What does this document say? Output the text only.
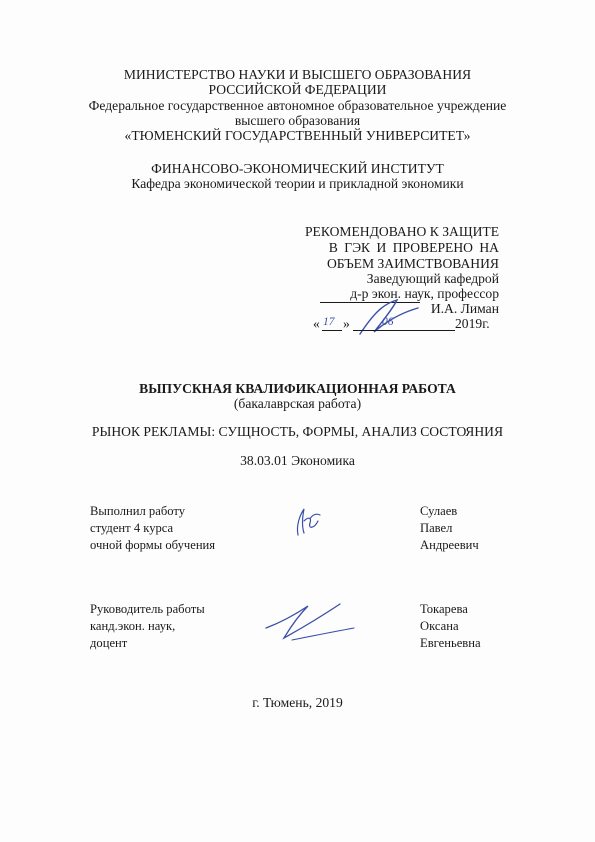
МИНИСТЕРСТВО НАУКИ И ВЫСШЕГО ОБРАЗОВАНИЯ
РОССИЙСКОЙ ФЕДЕРАЦИИ
Федеральное государственное автономное образовательное учреждение
высшего образования
«ТЮМЕНСКИЙ ГОСУДАРСТВЕННЫЙ УНИВЕРСИТЕТ»
ФИНАНСОВО-ЭКОНОМИЧЕСКИЙ ИНСТИТУТ
Кафедра экономической теории и прикладной экономики
РЕКОМЕНДОВАНО К ЗАЩИТЕ
В ГЭК И ПРОВЕРЕНО НА
ОБЪЕМ ЗАИМСТВОВАНИЯ
Заведующий кафедрой
д-р экон. наук, профессор
И.А. Лиман
« 17 »	06	2019г.
ВЫПУСКНАЯ КВАЛИФИКАЦИОННАЯ РАБОТА
(бакалаврская работа)
РЫНОК РЕКЛАМЫ: СУЩНОСТЬ, ФОРМЫ, АНАЛИЗ СОСТОЯНИЯ
38.03.01 Экономика
Выполнил работу
студент 4 курса
очной формы обучения
Сулаев
Павел
Андреевич
Руководитель работы
канд.экон. наук,
доцент
Токарева
Оксана
Евгеньевна
г. Тюмень, 2019
